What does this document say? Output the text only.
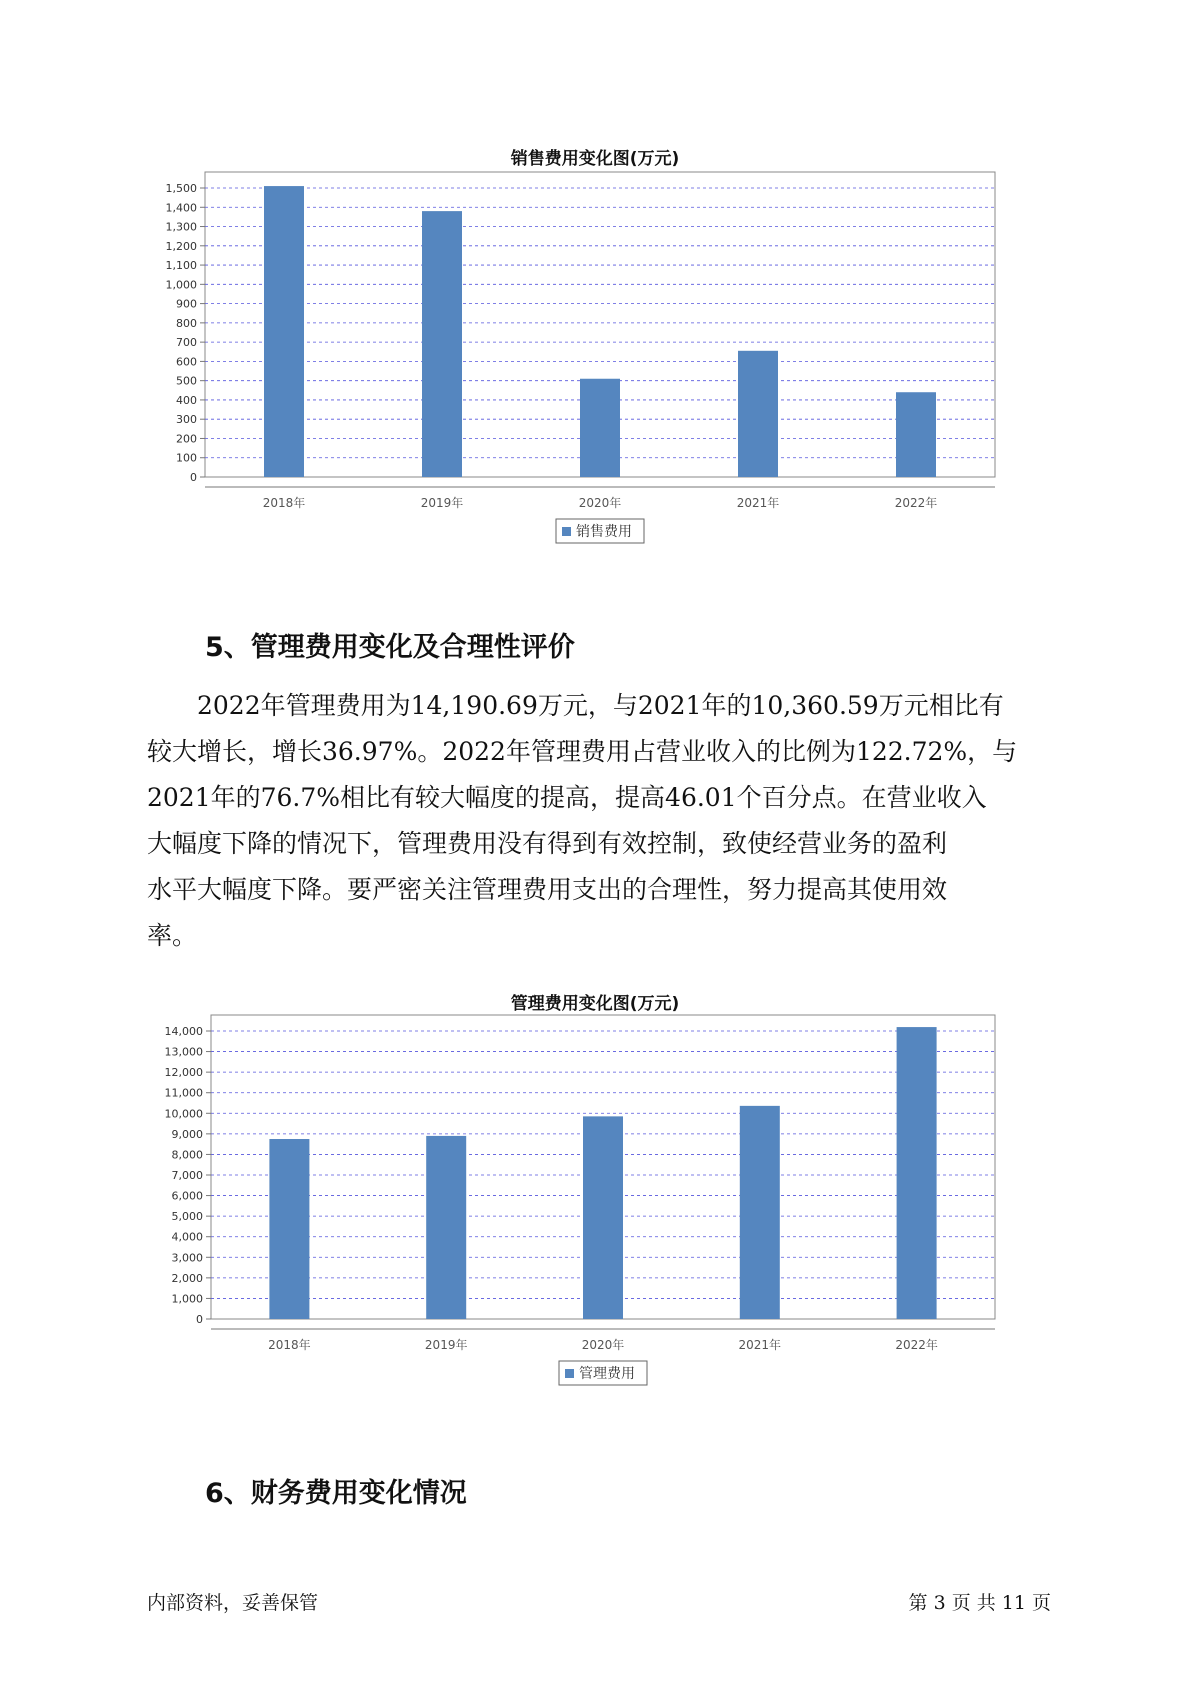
销售费用变化图(万元)
0
100
200
300
400
500
600
700
800
900
1,000
1,100
1,200
1,300
1,400
1,500
2018年	2019年	2020年	2021年	2022年
销售费用
5、管理费用变化及合理性评价
2022年管理费用为14,190.69万元，与2021年的10,360.59万元相比有
较大增长，增长36.97%。2022年管理费用占营业收入的比例为122.72%，与
2021年的76.7%相比有较大幅度的提高，提高46.01个百分点。在营业收入
大幅度下降的情况下，管理费用没有得到有效控制，致使经营业务的盈利
水平大幅度下降。要严密关注管理费用支出的合理性，努力提高其使用效
率。
管理费用变化图(万元)
0
1,000
2,000
3,000
4,000
5,000
6,000
7,000
8,000
9,000
10,000
11,000
12,000
13,000
14,000
2018年	2019年	2020年	2021年	2022年
管理费用
6、财务费用变化情况
内部资料，妥善保管	第 3 页 共 11 页
